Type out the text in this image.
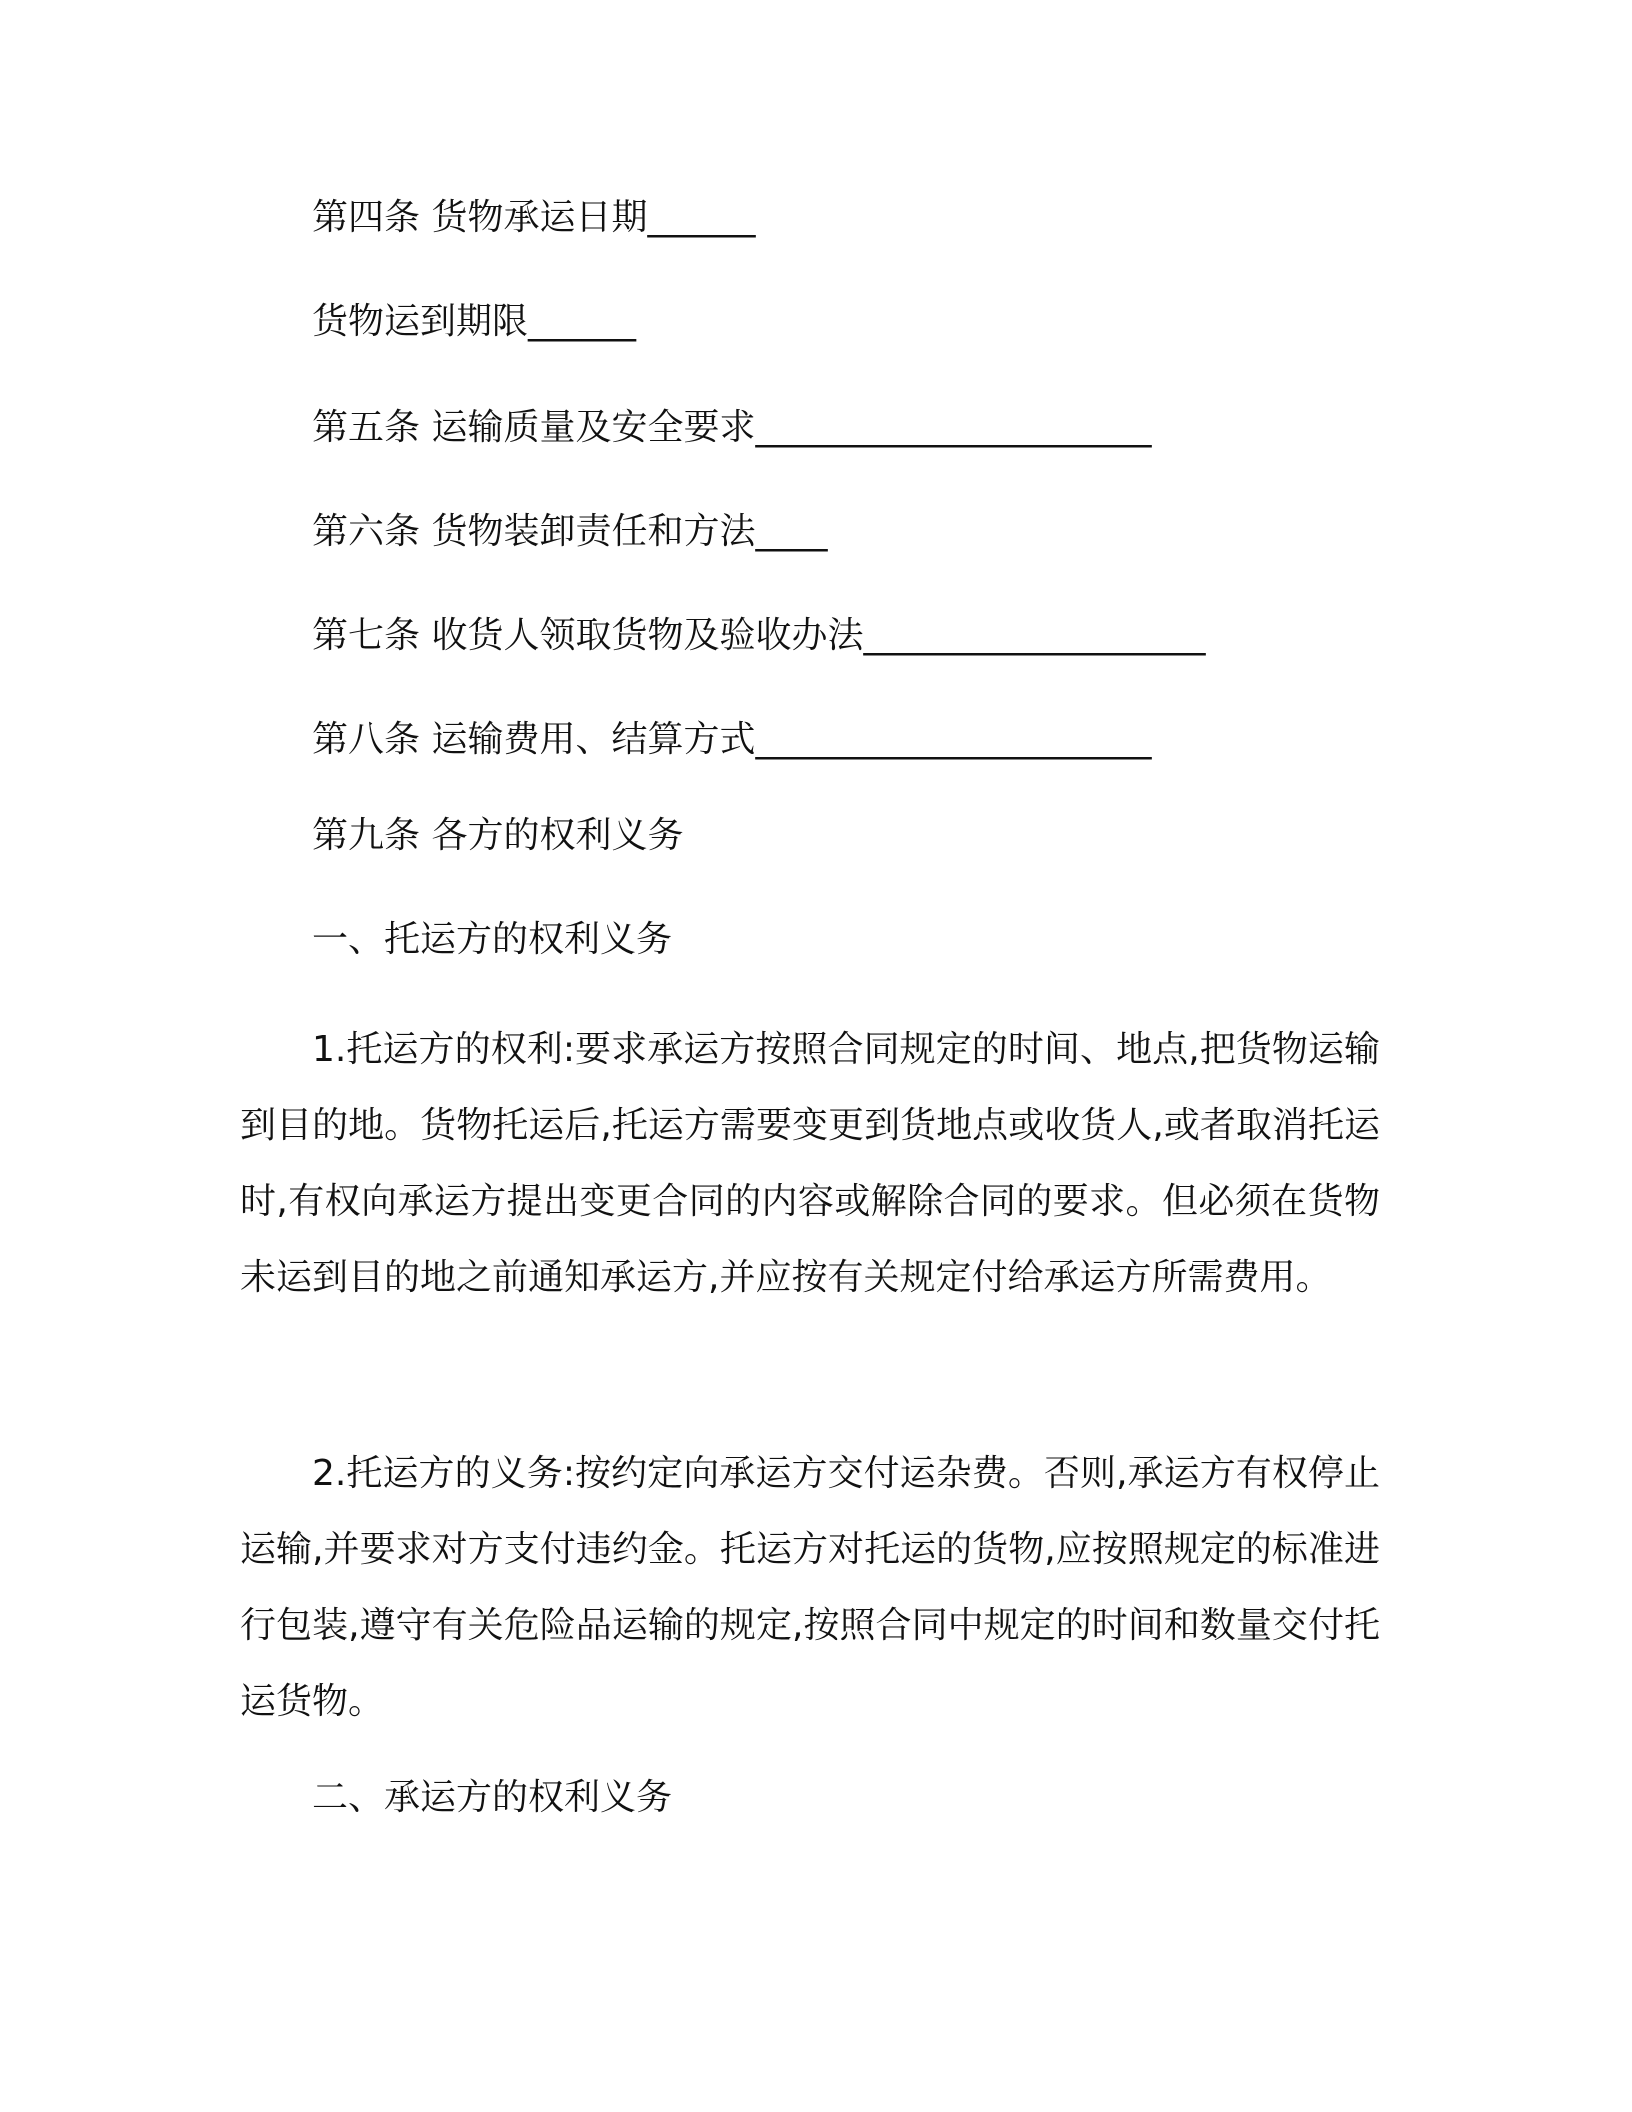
第四条 货物承运日期______

货物运到期限______

第五条 运输质量及安全要求______________________

第六条 货物装卸责任和方法____

第七条 收货人领取货物及验收办法___________________

第八条 运输费用、结算方式______________________

第九条 各方的权利义务

一、托运方的权利义务

1.托运方的权利:要求承运方按照合同规定的时间、地点,把货物运输到目的地。货物托运后,托运方需要变更到货地点或收货人,或者取消托运时,有权向承运方提出变更合同的内容或解除合同的要求。但必须在货物未运到目的地之前通知承运方,并应按有关规定付给承运方所需费用。

2.托运方的义务:按约定向承运方交付运杂费。否则,承运方有权停止运输,并要求对方支付违约金。托运方对托运的货物,应按照规定的标准进行包装,遵守有关危险品运输的规定,按照合同中规定的时间和数量交付托运货物。

二、承运方的权利义务
